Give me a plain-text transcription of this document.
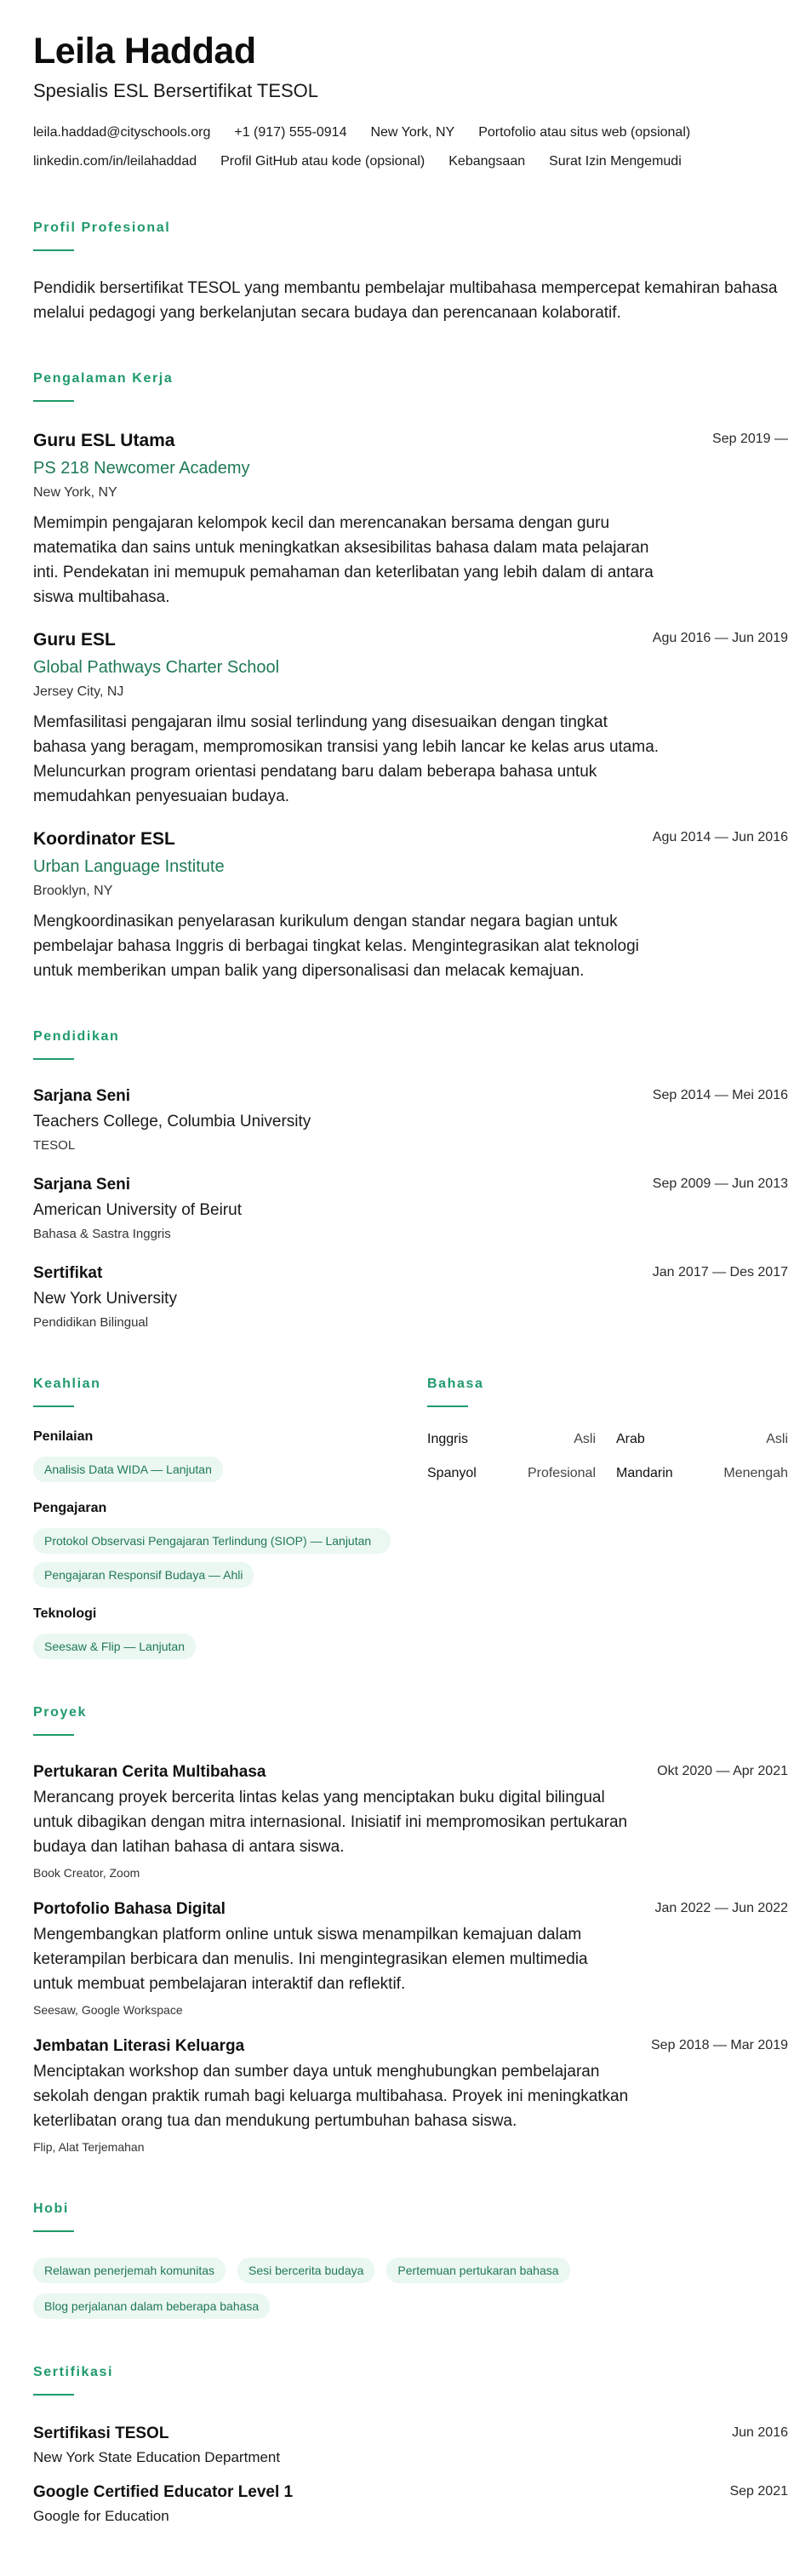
Leila Haddad
Spesialis ESL Bersertifikat TESOL
leila.haddad@cityschools.org +1 (917) 555-0914 New York, NY Portofolio atau situs web (opsional)
linkedin.com/in/leilahaddad Profil GitHub atau kode (opsional) Kebangsaan Surat Izin Mengemudi
Profil Profesional
Pendidik bersertifikat TESOL yang membantu pembelajar multibahasa mempercepat kemahiran bahasa melalui pedagogi yang berkelanjutan secara budaya dan perencanaan kolaboratif.
Pengalaman Kerja
Guru ESL Utama
PS 218 Newcomer Academy
New York, NY
Memimpin pengajaran kelompok kecil dan merencanakan bersama dengan guru matematika dan sains untuk meningkatkan aksesibilitas bahasa dalam mata pelajaran inti. Pendekatan ini memupuk pemahaman dan keterlibatan yang lebih dalam di antara siswa multibahasa.
Sep 2019 —
Guru ESL
Global Pathways Charter School
Jersey City, NJ
Memfasilitasi pengajaran ilmu sosial terlindung yang disesuaikan dengan tingkat bahasa yang beragam, mempromosikan transisi yang lebih lancar ke kelas arus utama. Meluncurkan program orientasi pendatang baru dalam beberapa bahasa untuk memudahkan penyesuaian budaya.
Agu 2016 — Jun 2019
Koordinator ESL
Urban Language Institute
Brooklyn, NY
Mengkoordinasikan penyelarasan kurikulum dengan standar negara bagian untuk pembelajar bahasa Inggris di berbagai tingkat kelas. Mengintegrasikan alat teknologi untuk memberikan umpan balik yang dipersonalisasi dan melacak kemajuan.
Agu 2014 — Jun 2016
Pendidikan
Sarjana Seni
Teachers College, Columbia University
TESOL
Sep 2014 — Mei 2016
Sarjana Seni
American University of Beirut
Bahasa & Sastra Inggris
Sep 2009 — Jun 2013
Sertifikat
New York University
Pendidikan Bilingual
Jan 2017 — Des 2017
Keahlian
Penilaian
Analisis Data WIDA — Lanjutan
Pengajaran
Protokol Observasi Pengajaran Terlindung (SIOP) — Lanjutan
Pengajaran Responsif Budaya — Ahli
Teknologi
Seesaw & Flip — Lanjutan
Bahasa
Inggris	Asli Arab	Asli
Spanyol	Profesional Mandarin	Menengah
Proyek
Pertukaran Cerita Multibahasa
Merancang proyek bercerita lintas kelas yang menciptakan buku digital bilingual untuk dibagikan dengan mitra internasional. Inisiatif ini mempromosikan pertukaran budaya dan latihan bahasa di antara siswa.
Book Creator, Zoom
Okt 2020 — Apr 2021
Portofolio Bahasa Digital
Mengembangkan platform online untuk siswa menampilkan kemajuan dalam keterampilan berbicara dan menulis. Ini mengintegrasikan elemen multimedia untuk membuat pembelajaran interaktif dan reflektif.
Seesaw, Google Workspace
Jan 2022 — Jun 2022
Jembatan Literasi Keluarga
Menciptakan workshop dan sumber daya untuk menghubungkan pembelajaran sekolah dengan praktik rumah bagi keluarga multibahasa. Proyek ini meningkatkan keterlibatan orang tua dan mendukung pertumbuhan bahasa siswa.
Flip, Alat Terjemahan
Sep 2018 — Mar 2019
Hobi
Relawan penerjemah komunitas	Sesi bercerita budaya	Pertemuan pertukaran bahasa
Blog perjalanan dalam beberapa bahasa
Sertifikasi
Sertifikasi TESOL
New York State Education Department
Jun 2016
Google Certified Educator Level 1
Google for Education
Sep 2021
